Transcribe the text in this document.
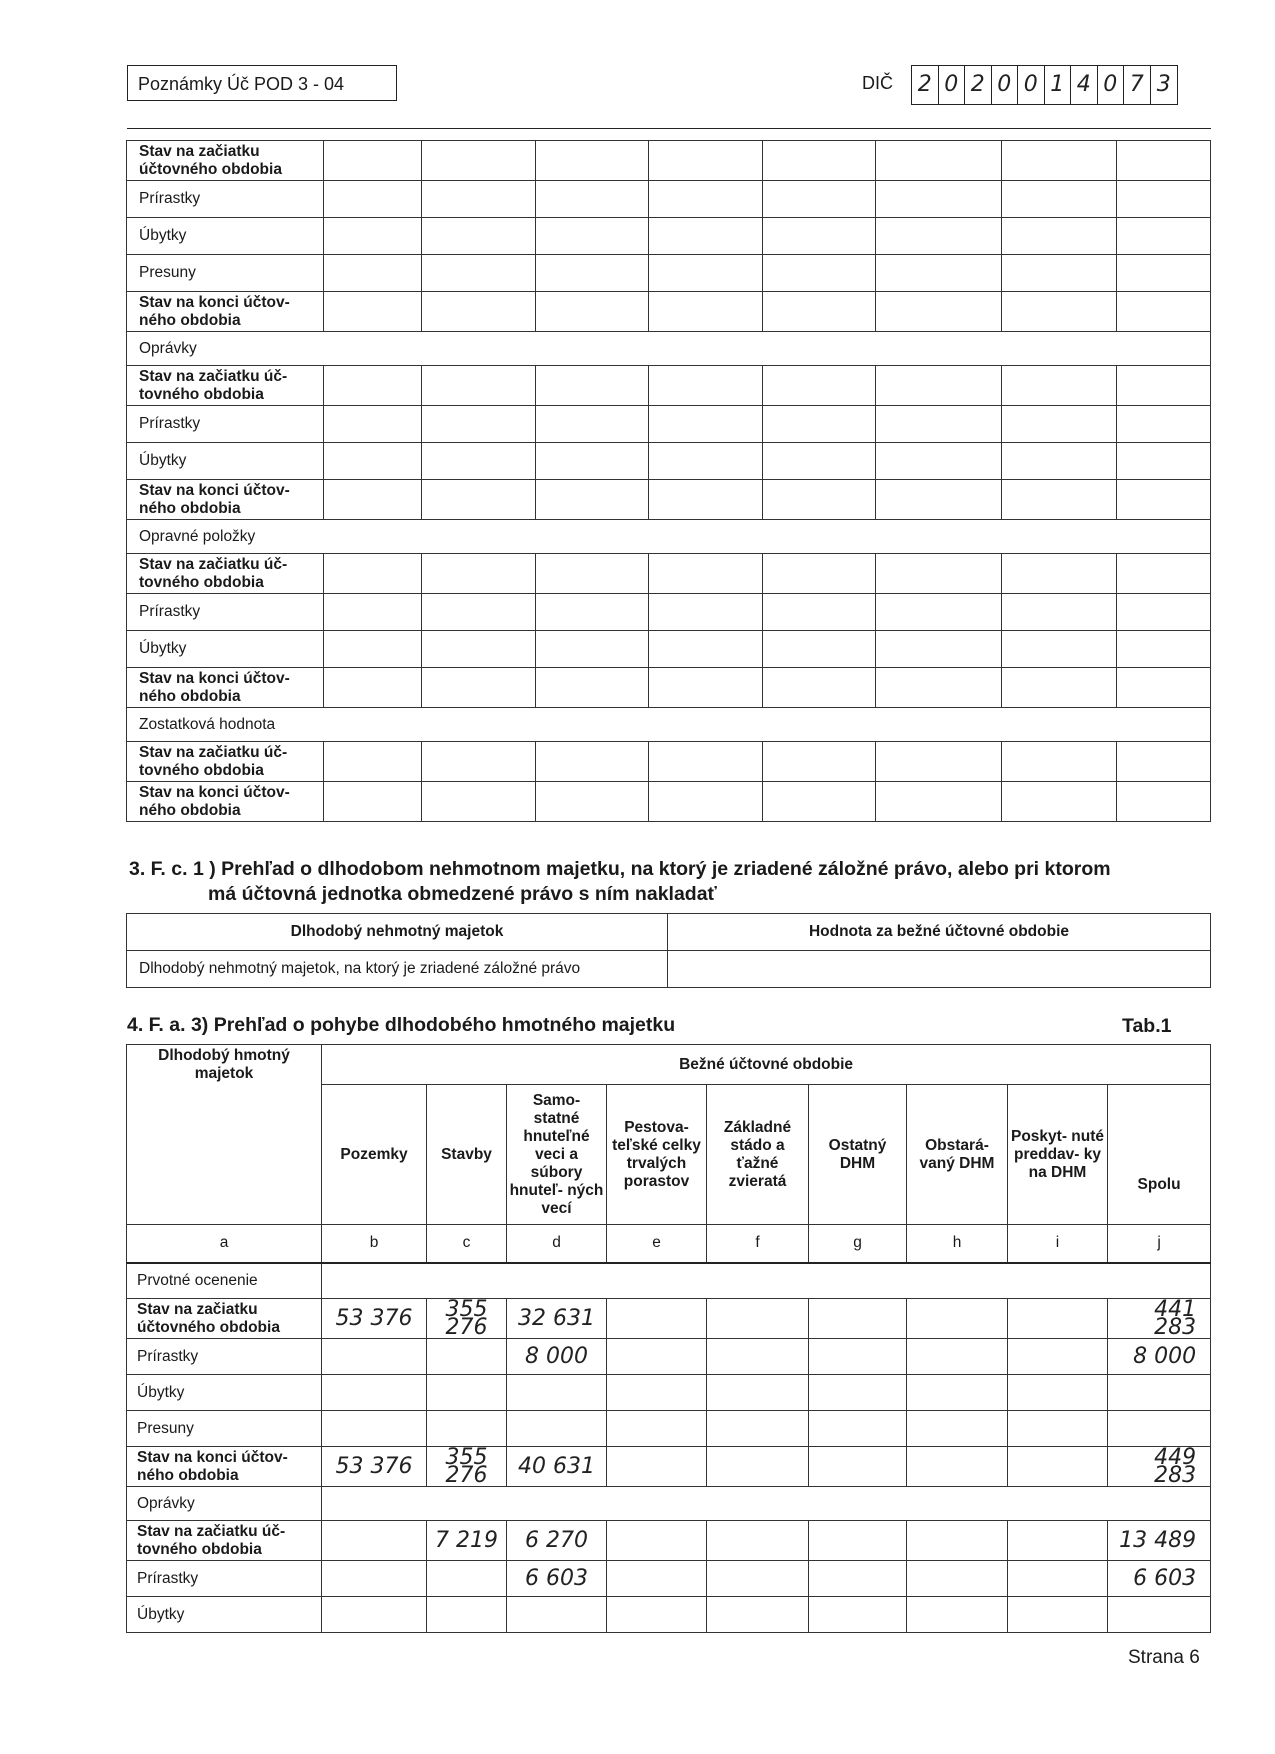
Poznámky Úč POD 3 - 04	DIČ 2 0 2 0 0 1 4 0 7 3
Stav na začiatku účtovného obdobia								
Prírastky								
Úbytky								
Presuny								
Stav na konci účtov- ného obdobia								
Oprávky								
Stav na začiatku úč- tovného obdobia								
Prírastky								
Úbytky								
Stav na konci účtov- ného obdobia								
Opravné položky								
Stav na začiatku úč- tovného obdobia								
Prírastky								
Úbytky								
Stav na konci účtov- ného obdobia								
Zostatková hodnota								
Stav na začiatku úč- tovného obdobia								
Stav na konci účtov- ného obdobia								
3. F. c. 1 ) Prehľad o dlhodobom nehmotnom majetku, na ktorý je zriadené záložné právo, alebo pri ktorom
má účtovná jednotka obmedzené právo s ním nakladať
Dlhodobý nehmotný majetok	Hodnota za bežné účtovné obdobie
Dlhodobý nehmotný majetok, na ktorý je zriadené záložné právo	
4. F. a. 3) Prehľad o pohybe dlhodobého hmotného majetku	Tab.1
Dlhodobý hmotný majetok	Bežné účtovné obdobie								
	Pozemky	Stavby	Samo- statné hnuteľné veci a súbory hnuteľ- ných vecí	Pestova- teľské celky trvalých porastov	Základné stádo a ťažné zvieratá	Ostatný DHM	Obstará- vaný DHM	Poskyt- nuté preddav- ky na DHM	Spolu
a	b	c	d	e	f	g	h	i	j
Prvotné ocenenie									
Stav na začiatku účtovného obdobia	53 376	355 276	32 631						441 283
Prírastky			8 000						8 000
Úbytky									
Presuny									
Stav na konci účtov- ného obdobia	53 376	355 276	40 631						449 283
Oprávky									
Stav na začiatku úč- tovného obdobia		7 219	6 270						13 489
Prírastky			6 603						6 603
Úbytky									
Strana 6
